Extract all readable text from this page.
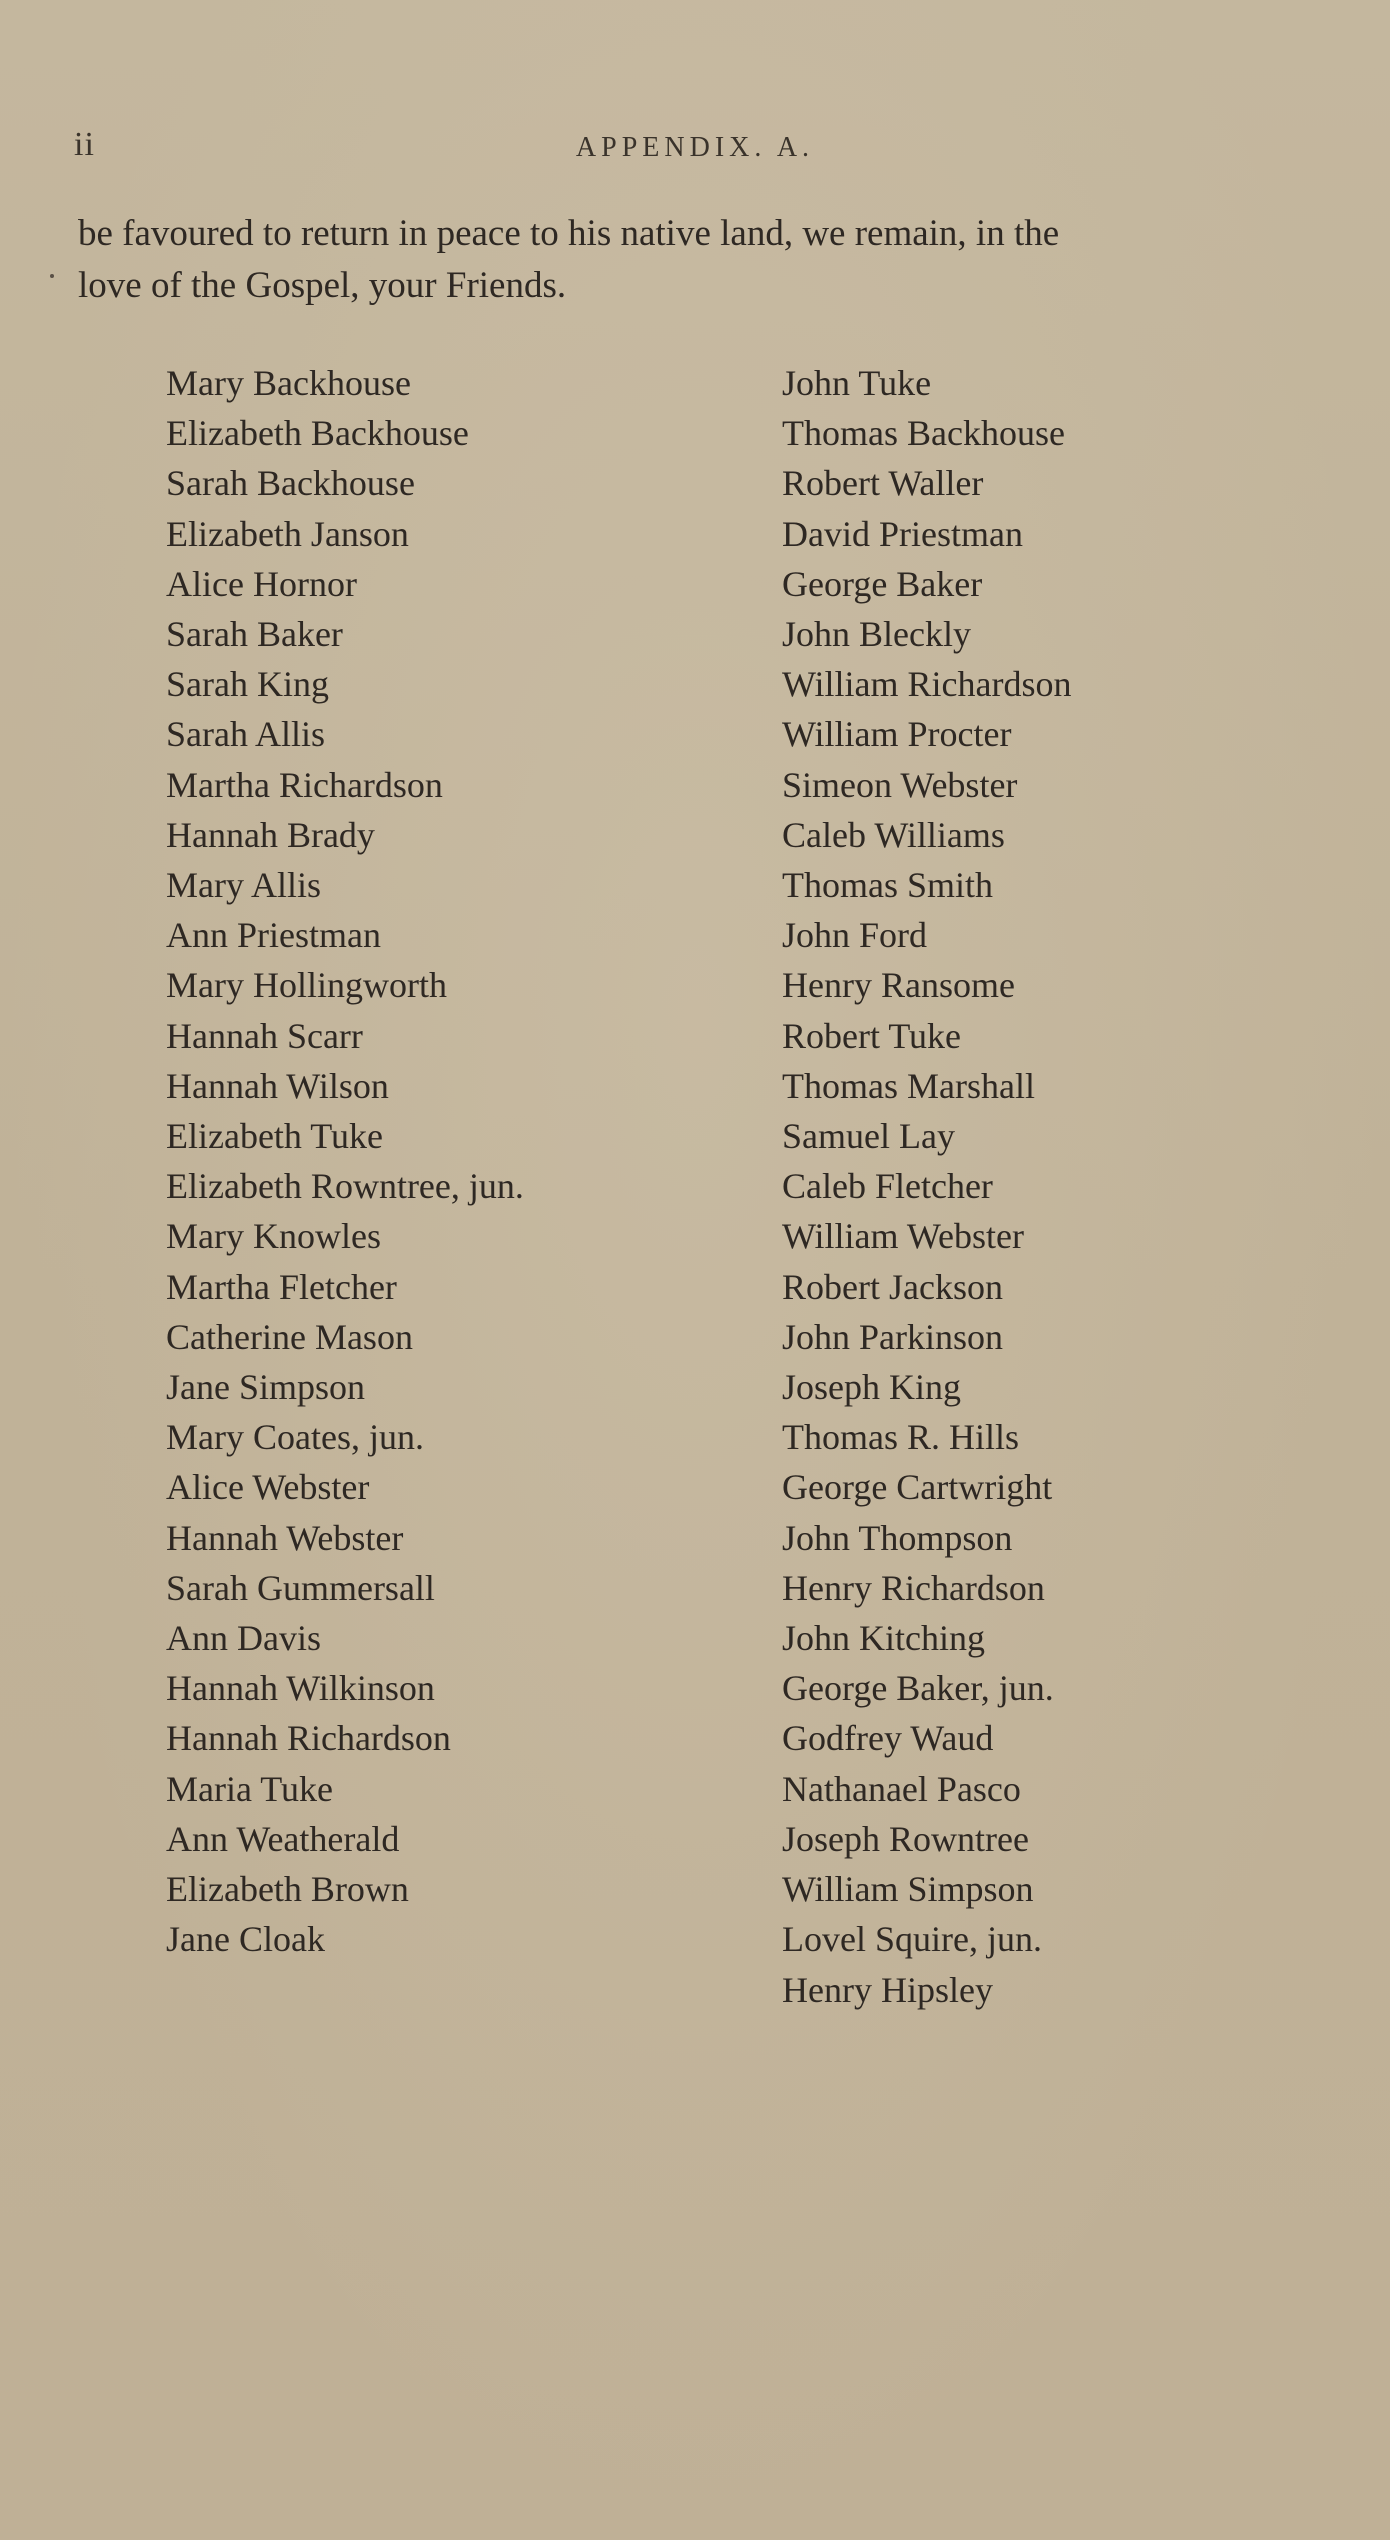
ii	APPENDIX. A.

be favoured to return in peace to his native land, we remain, in the

love of the Gospel, your Friends.

Mary Backhouse
Elizabeth Backhouse
Sarah Backhouse
Elizabeth Janson
Alice Hornor
Sarah Baker
Sarah King
Sarah Allis
Martha Richardson
Hannah Brady
Mary Allis
Ann Priestman
Mary Hollingworth
Hannah Scarr
Hannah Wilson
Elizabeth Tuke
Elizabeth Rowntree, jun.
Mary Knowles
Martha Fletcher
Catherine Mason
Jane Simpson
Mary Coates, jun.
Alice Webster
Hannah Webster
Sarah Gummersall
Ann Davis
Hannah Wilkinson
Hannah Richardson
Maria Tuke
Ann Weatherald
Elizabeth Brown
Jane Cloak
John Tuke
Thomas Backhouse
Robert Waller
David Priestman
George Baker
John Bleckly
William Richardson
William Procter
Simeon Webster
Caleb Williams
Thomas Smith
John Ford
Henry Ransome
Robert Tuke
Thomas Marshall
Samuel Lay
Caleb Fletcher
William Webster
Robert Jackson
John Parkinson
Joseph King
Thomas R. Hills
George Cartwright
John Thompson
Henry Richardson
John Kitching
George Baker, jun.
Godfrey Waud
Nathanael Pasco
Joseph Rowntree
William Simpson
Lovel Squire, jun.
Henry Hipsley
